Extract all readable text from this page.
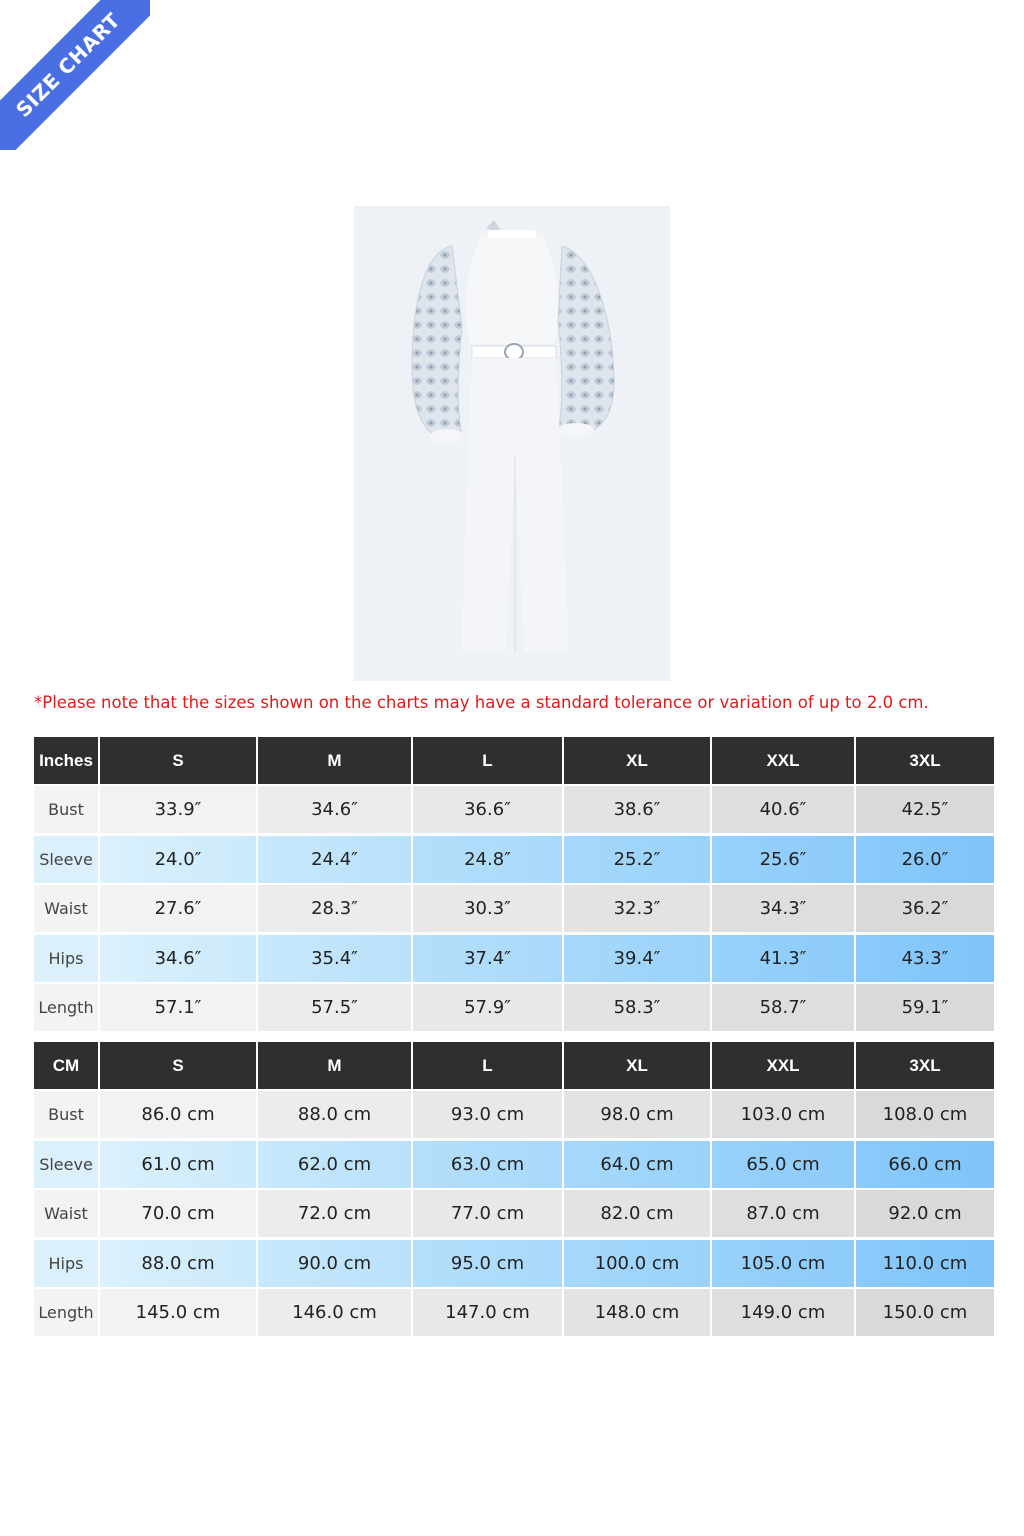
SIZE CHART
*Please note that the sizes shown on the charts may have a standard tolerance or variation of up to 2.0 cm.
Inches	S	M	L	XL	XXL	3XL
Bust	33.9″	34.6″	36.6″	38.6″	40.6″	42.5″
Sleeve	24.0″	24.4″	24.8″	25.2″	25.6″	26.0″
Waist	27.6″	28.3″	30.3″	32.3″	34.3″	36.2″
Hips	34.6″	35.4″	37.4″	39.4″	41.3″	43.3″
Length	57.1″	57.5″	57.9″	58.3″	58.7″	59.1″
CM	S	M	L	XL	XXL	3XL
Bust	86.0 cm	88.0 cm	93.0 cm	98.0 cm	103.0 cm	108.0 cm
Sleeve	61.0 cm	62.0 cm	63.0 cm	64.0 cm	65.0 cm	66.0 cm
Waist	70.0 cm	72.0 cm	77.0 cm	82.0 cm	87.0 cm	92.0 cm
Hips	88.0 cm	90.0 cm	95.0 cm	100.0 cm	105.0 cm	110.0 cm
Length	145.0 cm	146.0 cm	147.0 cm	148.0 cm	149.0 cm	150.0 cm
